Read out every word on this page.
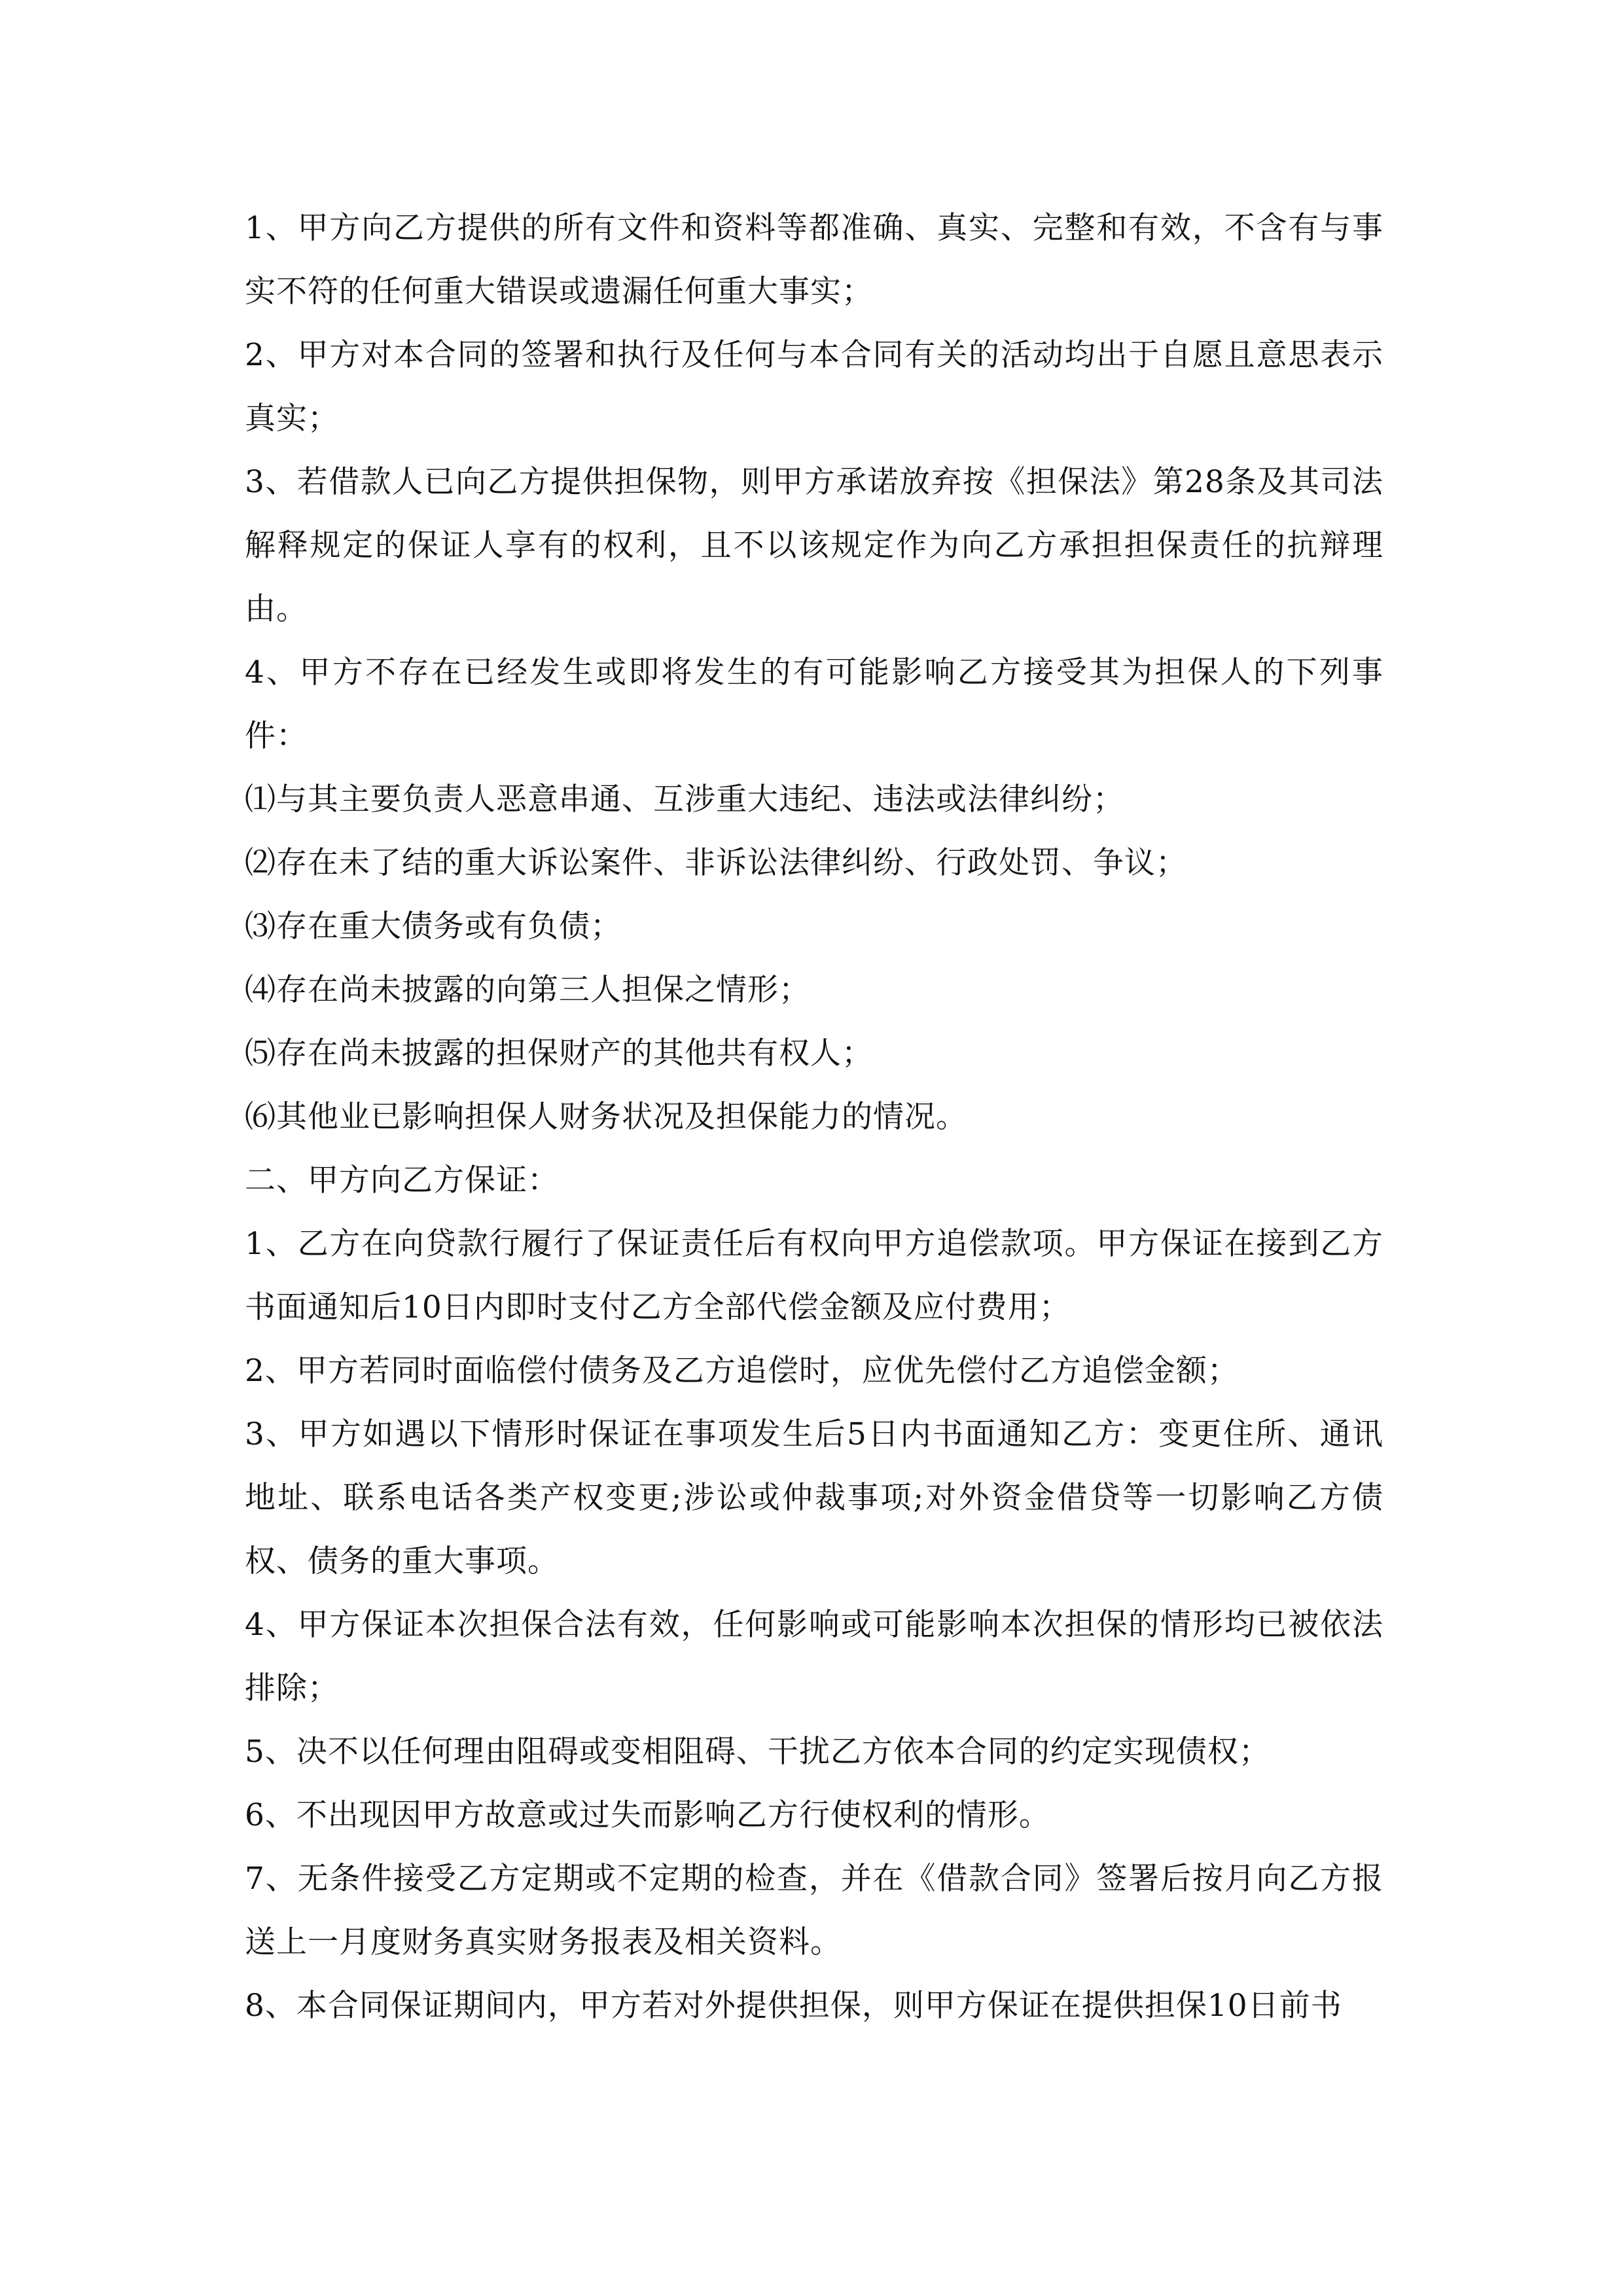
1、甲方向乙方提供的所有文件和资料等都准确、真实、完整和有效，不含有与事实不符的任何重大错误或遗漏任何重大事实；

2、甲方对本合同的签署和执行及任何与本合同有关的活动均出于自愿且意思表示真实；

3、若借款人已向乙方提供担保物，则甲方承诺放弃按《担保法》第28条及其司法解释规定的保证人享有的权利，且不以该规定作为向乙方承担担保责任的抗辩理由。

4、甲方不存在已经发生或即将发生的有可能影响乙方接受其为担保人的下列事件：

⑴与其主要负责人恶意串通、互涉重大违纪、违法或法律纠纷；

⑵存在未了结的重大诉讼案件、非诉讼法律纠纷、行政处罚、争议；

⑶存在重大债务或有负债；

⑷存在尚未披露的向第三人担保之情形；

⑸存在尚未披露的担保财产的其他共有权人；

⑹其他业已影响担保人财务状况及担保能力的情况。

二、甲方向乙方保证：

1、乙方在向贷款行履行了保证责任后有权向甲方追偿款项。甲方保证在接到乙方书面通知后10日内即时支付乙方全部代偿金额及应付费用；

2、甲方若同时面临偿付债务及乙方追偿时，应优先偿付乙方追偿金额；

3、甲方如遇以下情形时保证在事项发生后5日内书面通知乙方：变更住所、通讯地址、联系电话各类产权变更;涉讼或仲裁事项;对外资金借贷等一切影响乙方债权、债务的重大事项。

4、甲方保证本次担保合法有效，任何影响或可能影响本次担保的情形均已被依法排除；

5、决不以任何理由阻碍或变相阻碍、干扰乙方依本合同的约定实现债权；

6、不出现因甲方故意或过失而影响乙方行使权利的情形。

7、无条件接受乙方定期或不定期的检查，并在《借款合同》签署后按月向乙方报送上一月度财务真实财务报表及相关资料。

8、本合同保证期间内，甲方若对外提供担保，则甲方保证在提供担保10日前书
